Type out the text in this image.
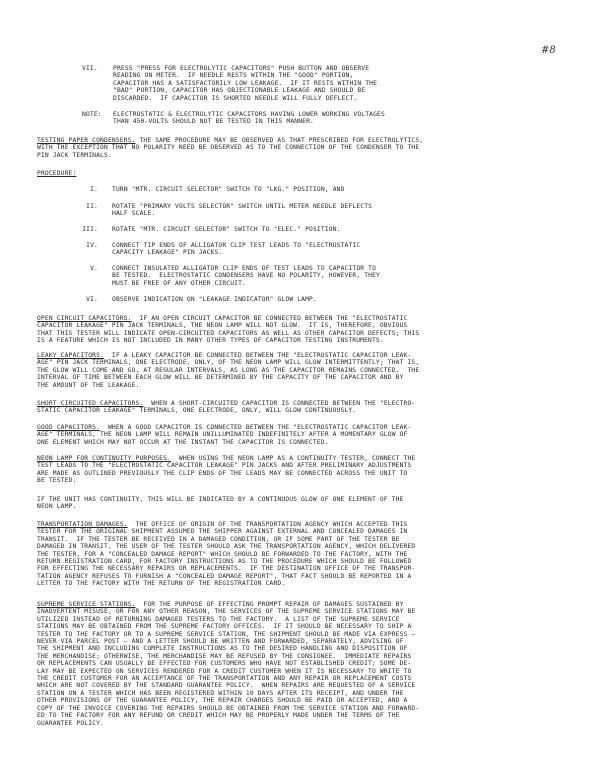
#8
VII.	PRESS "PRESS FOR ELECTROLYTIC CAPACITORS" PUSH BUTTON AND OBSERVE
READING ON METER.  IF NEEDLE RESTS WITHIN THE "GOOD" PORTION,
CAPACITOR HAS A SATISFACTORILY LOW LEAKAGE.  IF IT RESTS WITHIN THE
"BAD" PORTION, CAPACITOR HAS OBJECTIONABLE LEAKAGE AND SHOULD BE
DISCARDED.  IF CAPACITOR IS SHORTED NEEDLE WILL FULLY DEFLECT.
NOTE: ELECTROSTATIC & ELECTROLYTIC CAPACITORS HAVING LOWER WORKING VOLTAGES
THAN 450-VOLTS SHOULD NOT BE TESTED IN THIS MANNER.
TESTING PAPER CONDENSERS. THE SAME PROCEDURE MAY BE OBSERVED AS THAT PRESCRIBED FOR ELECTROLYTICS,
WITH THE EXCEPTION THAT NO POLARITY NEED BE OBSERVED AS TO THE CONNECTION OF THE CONDENSER TO THE
PIN JACK TERMINALS.
PROCEDURE:
I. TURN "MTR. CIRCUIT SELECTOR" SWITCH TO "LKG." POSITION, AND
II. ROTATE "PRIMARY VOLTS SELECTOR" SWITCH UNTIL METER NEEDLE DEFLECTS
HALF SCALE.
III. ROTATE "MTR. CIRCUIT SELECTOR" SWITCH TO "ELEC." POSITION.
IV. CONNECT TIP ENDS OF ALLIGATOR CLIP TEST LEADS TO "ELECTROSTATIC
CAPACITY LEAKAGE" PIN JACKS.
V. CONNECT INSULATED ALLIGATOR CLIP ENDS OF TEST LEADS TO CAPACITOR TO
BE TESTED.  ELECTROSTATIC CONDENSERS HAVE NO POLARITY, HOWEVER, THEY
MUST BE FREE OF ANY OTHER CIRCUIT.
VI. OBSERVE INDICATION ON "LEAKAGE INDICATOR" GLOW LAMP.
OPEN CIRCUIT CAPACITORS.  IF AN OPEN CIRCUIT CAPACITOR BE CONNECTED BETWEEN THE "ELECTROSTATIC
CAPACITOR LEAKAGE" PIN JACK TERMINALS, THE NEON LAMP WILL NOT GLOW.  IT IS, THEREFORE, OBVIOUS
THAT THIS TESTER WILL INDICATE OPEN-CIRCUITED CAPACITORS AS WELL AS OTHER CAPACITOR DEFECTS; THIS
IS A FEATURE WHICH IS NOT INCLUDED IN MANY OTHER TYPES OF CAPACITOR TESTING INSTRUMENTS.
LEAKY CAPACITORS.  IF A LEAKY CAPACITOR BE CONNECTED BETWEEN THE "ELECTROSTATIC CAPACITOR LEAK-
AGE" PIN JACK TERMINALS, ONE ELECTRODE, ONLY, OF THE NEON LAMP WILL GLOW INTERMITTENTLY; THAT IS,
THE GLOW WILL COME AND GO, AT REGULAR INTERVALS, AS LONG AS THE CAPACITOR REMAINS CONNECTED.  THE
INTERVAL OF TIME BETWEEN EACH GLOW WILL BE DETERMINED BY THE CAPACITY OF THE CAPACITOR AND BY
THE AMOUNT OF THE LEAKAGE.
SHORT CIRCUITED CAPACITORS.  WHEN A SHORT-CIRCUITED CAPACITOR IS CONNECTED BETWEEN THE "ELECTRO-
STATIC CAPACITOR LEAKAGE" TERMINALS, ONE ELECTRODE, ONLY, WILL GLOW CONTINUOUSLY.
GOOD CAPACITORS.  WHEN A GOOD CAPACITOR IS CONNECTED BETWEEN THE "ELECTROSTATIC CAPACITOR LEAK-
AGE" TERMINALS, THE NEON LAMP WILL REMAIN UNILLUMINATED INDEFINITELY AFTER A MOMENTARY GLOW OF
ONE ELEMENT WHICH MAY NOT OCCUR AT THE INSTANT THE CAPACITOR IS CONNECTED.
NEON LAMP FOR CONTINUITY PURPOSES.  WHEN USING THE NEON LAMP AS A CONTINUITY TESTER, CONNECT THE
TEST LEADS TO THE "ELECTROSTATIC CAPACITOR LEAKAGE" PIN JACKS AND AFTER PRELIMINARY ADJUSTMENTS
ARE MADE AS OUTLINED PREVIOUSLY THE CLIP ENDS OF THE LEADS MAY BE CONNECTED ACROSS THE UNIT TO
BE TESTED.
IF THE UNIT HAS CONTINUITY, THIS WILL BE INDICATED BY A CONTINUOUS GLOW OF ONE ELEMENT OF THE
NEON LAMP.
TRANSPORTATION DAMAGES.  THE OFFICE OF ORIGIN OF THE TRANSPORTATION AGENCY WHICH ACCEPTED THIS
TESTER FOR THE ORIGINAL SHIPMENT ASSUMED THE SHIPPER AGAINST EXTERNAL AND CONCEALED DAMAGES IN
TRANSIT.  IF THE TESTER BE RECEIVED IN A DAMAGED CONDITION, OR IF SOME PART OF THE TESTER BE
DAMAGED IN TRANSIT, THE USER OF THE TESTER SHOULD ASK THE TRANSPORTATION AGENCY, WHICH DELIVERED
THE TESTER, FOR A "CONCEALED DAMAGE REPORT" WHICH SHOULD BE FORWARDED TO THE FACTORY, WITH THE
RETURN REGISTRATION CARD, FOR FACTORY INSTRUCTIONS AS TO THE PROCEDURE WHICH SHOULD BE FOLLOWED
FOR EFFECTING THE NECESSARY REPAIRS OR REPLACEMENTS.  IF THE DESTINATION OFFICE OF THE TRANSPOR-
TATION AGENCY REFUSES TO FURNISH A "CONCEALED DAMAGE REPORT", THAT FACT SHOULD BE REPORTED IN A
LETTER TO THE FACTORY WITH THE RETURN OF THE REGISTRATION CARD.
SUPREME SERVICE STATIONS.  FOR THE PURPOSE OF EFFECTING PROMPT REPAIR OF DAMAGES SUSTAINED BY
INADVERTENT MISUSE, OR FOR ANY OTHER REASON, THE SERVICES OF THE SUPREME SERVICE STATIONS MAY BE
UTILIZED INSTEAD OF RETURNING DAMAGED TESTERS TO THE FACTORY.  A LIST OF THE SUPREME SERVICE
STATIONS MAY BE OBTAINED FROM THE SUPREME FACTORY OFFICES.  IF IT SHOULD BE NECESSARY TO SHIP A
TESTER TO THE FACTORY OR TO A SUPREME SERVICE STATION, THE SHIPMENT SHOULD BE MADE VIA EXPRESS —
NEVER VIA PARCEL POST — AND A LETTER SHOULD BE WRITTEN AND FORWARDED, SEPARATELY, ADVISING OF
THE SHIPMENT AND INCLUDING COMPLETE INSTRUCTIONS AS TO THE DESIRED HANDLING AND DISPOSITION OF
THE MERCHANDISE; OTHERWISE, THE MERCHANDISE MAY BE REFUSED BY THE CONSIGNEE.  IMMEDIATE REPAIRS
OR REPLACEMENTS CAN USUALLY BE EFFECTED FOR CUSTOMERS WHO HAVE NOT ESTABLISHED CREDIT; SOME DE-
LAY MAY BE EXPECTED ON SERVICES RENDERED FOR A CREDIT CUSTOMER WHEN IT IS NECESSARY TO WRITE TO
THE CREDIT CUSTOMER FOR AN ACCEPTANCE OF THE TRANSPORTATION AND ANY REPAIR OR REPLACEMENT COSTS
WHICH ARE NOT COVERED BY THE STANDARD GUARANTEE POLICY.  WHEN REPAIRS ARE REQUESTED OF A SERVICE
STATION ON A TESTER WHICH HAS BEEN REGISTERED WITHIN 10 DAYS AFTER ITS RECEIPT, AND UNDER THE
OTHER PROVISIONS OF THE GUARANTEE POLICY, THE REPAIR CHARGES SHOULD BE PAID OR ACCEPTED, AND A
COPY OF THE INVOICE COVERING THE REPAIRS SHOULD BE OBTAINED FROM THE SERVICE STATION AND FORWARD-
ED TO THE FACTORY FOR ANY REFUND OR CREDIT WHICH MAY BE PROPERLY MADE UNDER THE TERMS OF THE
GUARANTEE POLICY.
